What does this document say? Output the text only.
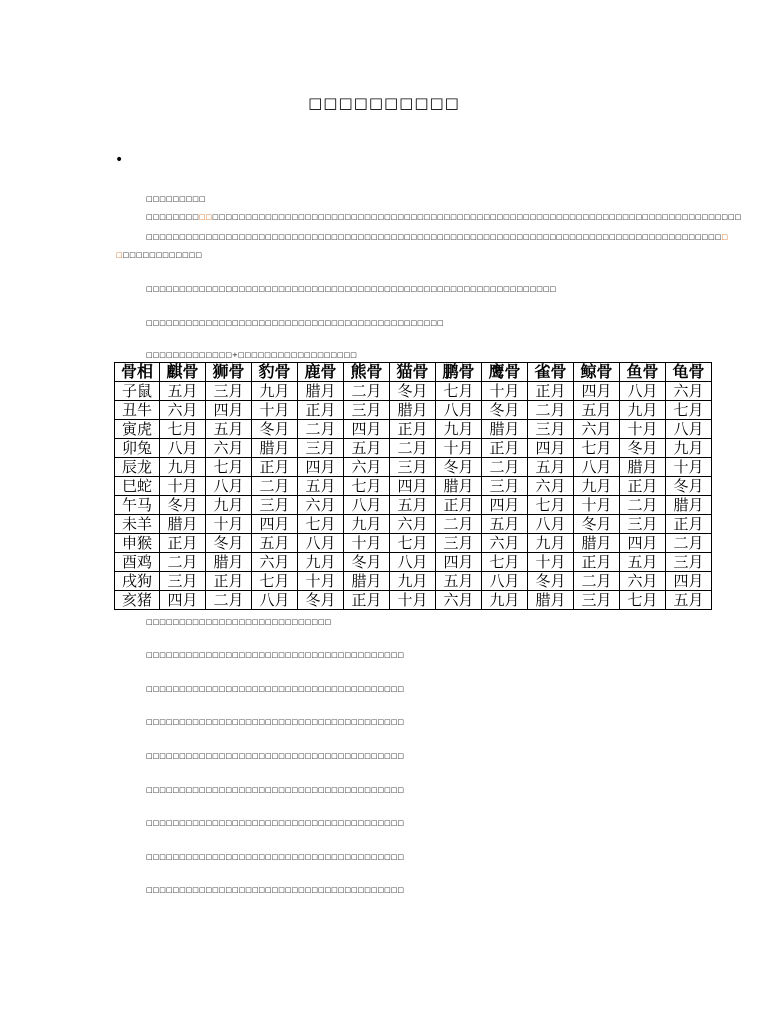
□□□□□□□□□□
•
□□□□□□□□□
□□□□□□□□□□□□□□□□□□□□□□□□□□□□□□□□□□□□□□□□□□□□□□□□□□□□□□□□□□□□□□□□□□□□□□□□□□□□□□□□□□□□□□□□□□
□□□□□□□□□□□□□□□□□□□□□□□□□□□□□□□□□□□□□□□□□□□□□□□□□□□□□□□□□□□□□□□□□□□□□□□□□□□□□□□□□□□□□□□□
□□□□□□□□□□□□□
□□□□□□□□□□□□□□□□□□□□□□□□□□□□□□□□□□□□□□□□□□□□□□□□□□□□□□□□□□□□□□
□□□□□□□□□□□□□□□□□□□□□□□□□□□□□□□□□□□□□□□□□□□□□
□□□□□□□□□□□□□+□□□□□□□□□□□□□□□□□□
骨相	麒骨	狮骨	豹骨	鹿骨	熊骨	猫骨	鹏骨	鹰骨	雀骨	鲸骨	鱼骨	龟骨
子鼠	五月	三月	九月	腊月	二月	冬月	七月	十月	正月	四月	八月	六月
丑牛	六月	四月	十月	正月	三月	腊月	八月	冬月	二月	五月	九月	七月
寅虎	七月	五月	冬月	二月	四月	正月	九月	腊月	三月	六月	十月	八月
卯兔	八月	六月	腊月	三月	五月	二月	十月	正月	四月	七月	冬月	九月
辰龙	九月	七月	正月	四月	六月	三月	冬月	二月	五月	八月	腊月	十月
巳蛇	十月	八月	二月	五月	七月	四月	腊月	三月	六月	九月	正月	冬月
午马	冬月	九月	三月	六月	八月	五月	正月	四月	七月	十月	二月	腊月
未羊	腊月	十月	四月	七月	九月	六月	二月	五月	八月	冬月	三月	正月
申猴	正月	冬月	五月	八月	十月	七月	三月	六月	九月	腊月	四月	二月
酉鸡	二月	腊月	六月	九月	冬月	八月	四月	七月	十月	正月	五月	三月
戌狗	三月	正月	七月	十月	腊月	九月	五月	八月	冬月	二月	六月	四月
亥猪	四月	二月	八月	冬月	正月	十月	六月	九月	腊月	三月	七月	五月
□□□□□□□□□□□□□□□□□□□□□□□□□□□□
□□□□□□□□□□□□□□□□□□□□□□□□□□□□□□□□□□□□□□□
□□□□□□□□□□□□□□□□□□□□□□□□□□□□□□□□□□□□□□□
□□□□□□□□□□□□□□□□□□□□□□□□□□□□□□□□□□□□□□□
□□□□□□□□□□□□□□□□□□□□□□□□□□□□□□□□□□□□□□□
□□□□□□□□□□□□□□□□□□□□□□□□□□□□□□□□□□□□□□□
□□□□□□□□□□□□□□□□□□□□□□□□□□□□□□□□□□□□□□□
□□□□□□□□□□□□□□□□□□□□□□□□□□□□□□□□□□□□□□□
□□□□□□□□□□□□□□□□□□□□□□□□□□□□□□□□□□□□□□□
